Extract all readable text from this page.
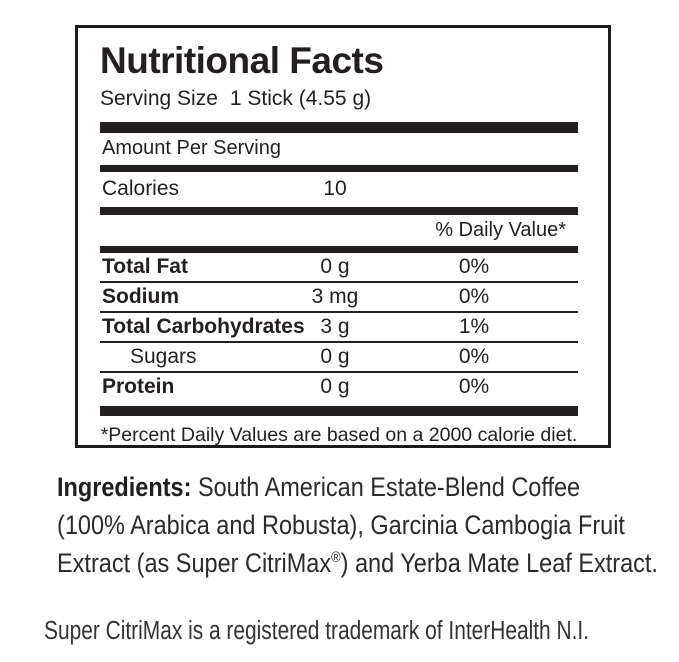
Nutritional Facts
Serving Size 1 Stick (4.55 g)
Amount Per Serving
Calories	10
% Daily Value*
Total Fat	0 g	0%
Sodium	3 mg	0%
Total Carbohydrates 3 g	1%
Sugars	0 g	0%
Protein	0 g	0%
*Percent Daily Values are based on a 2000 calorie diet.
Ingredients: South American Estate-Blend Coffee
(100% Arabica and Robusta), Garcinia Cambogia Fruit
Extract (as Super CitriMax®) and Yerba Mate Leaf Extract.
Super CitriMax is a registered trademark of InterHealth N.I.
